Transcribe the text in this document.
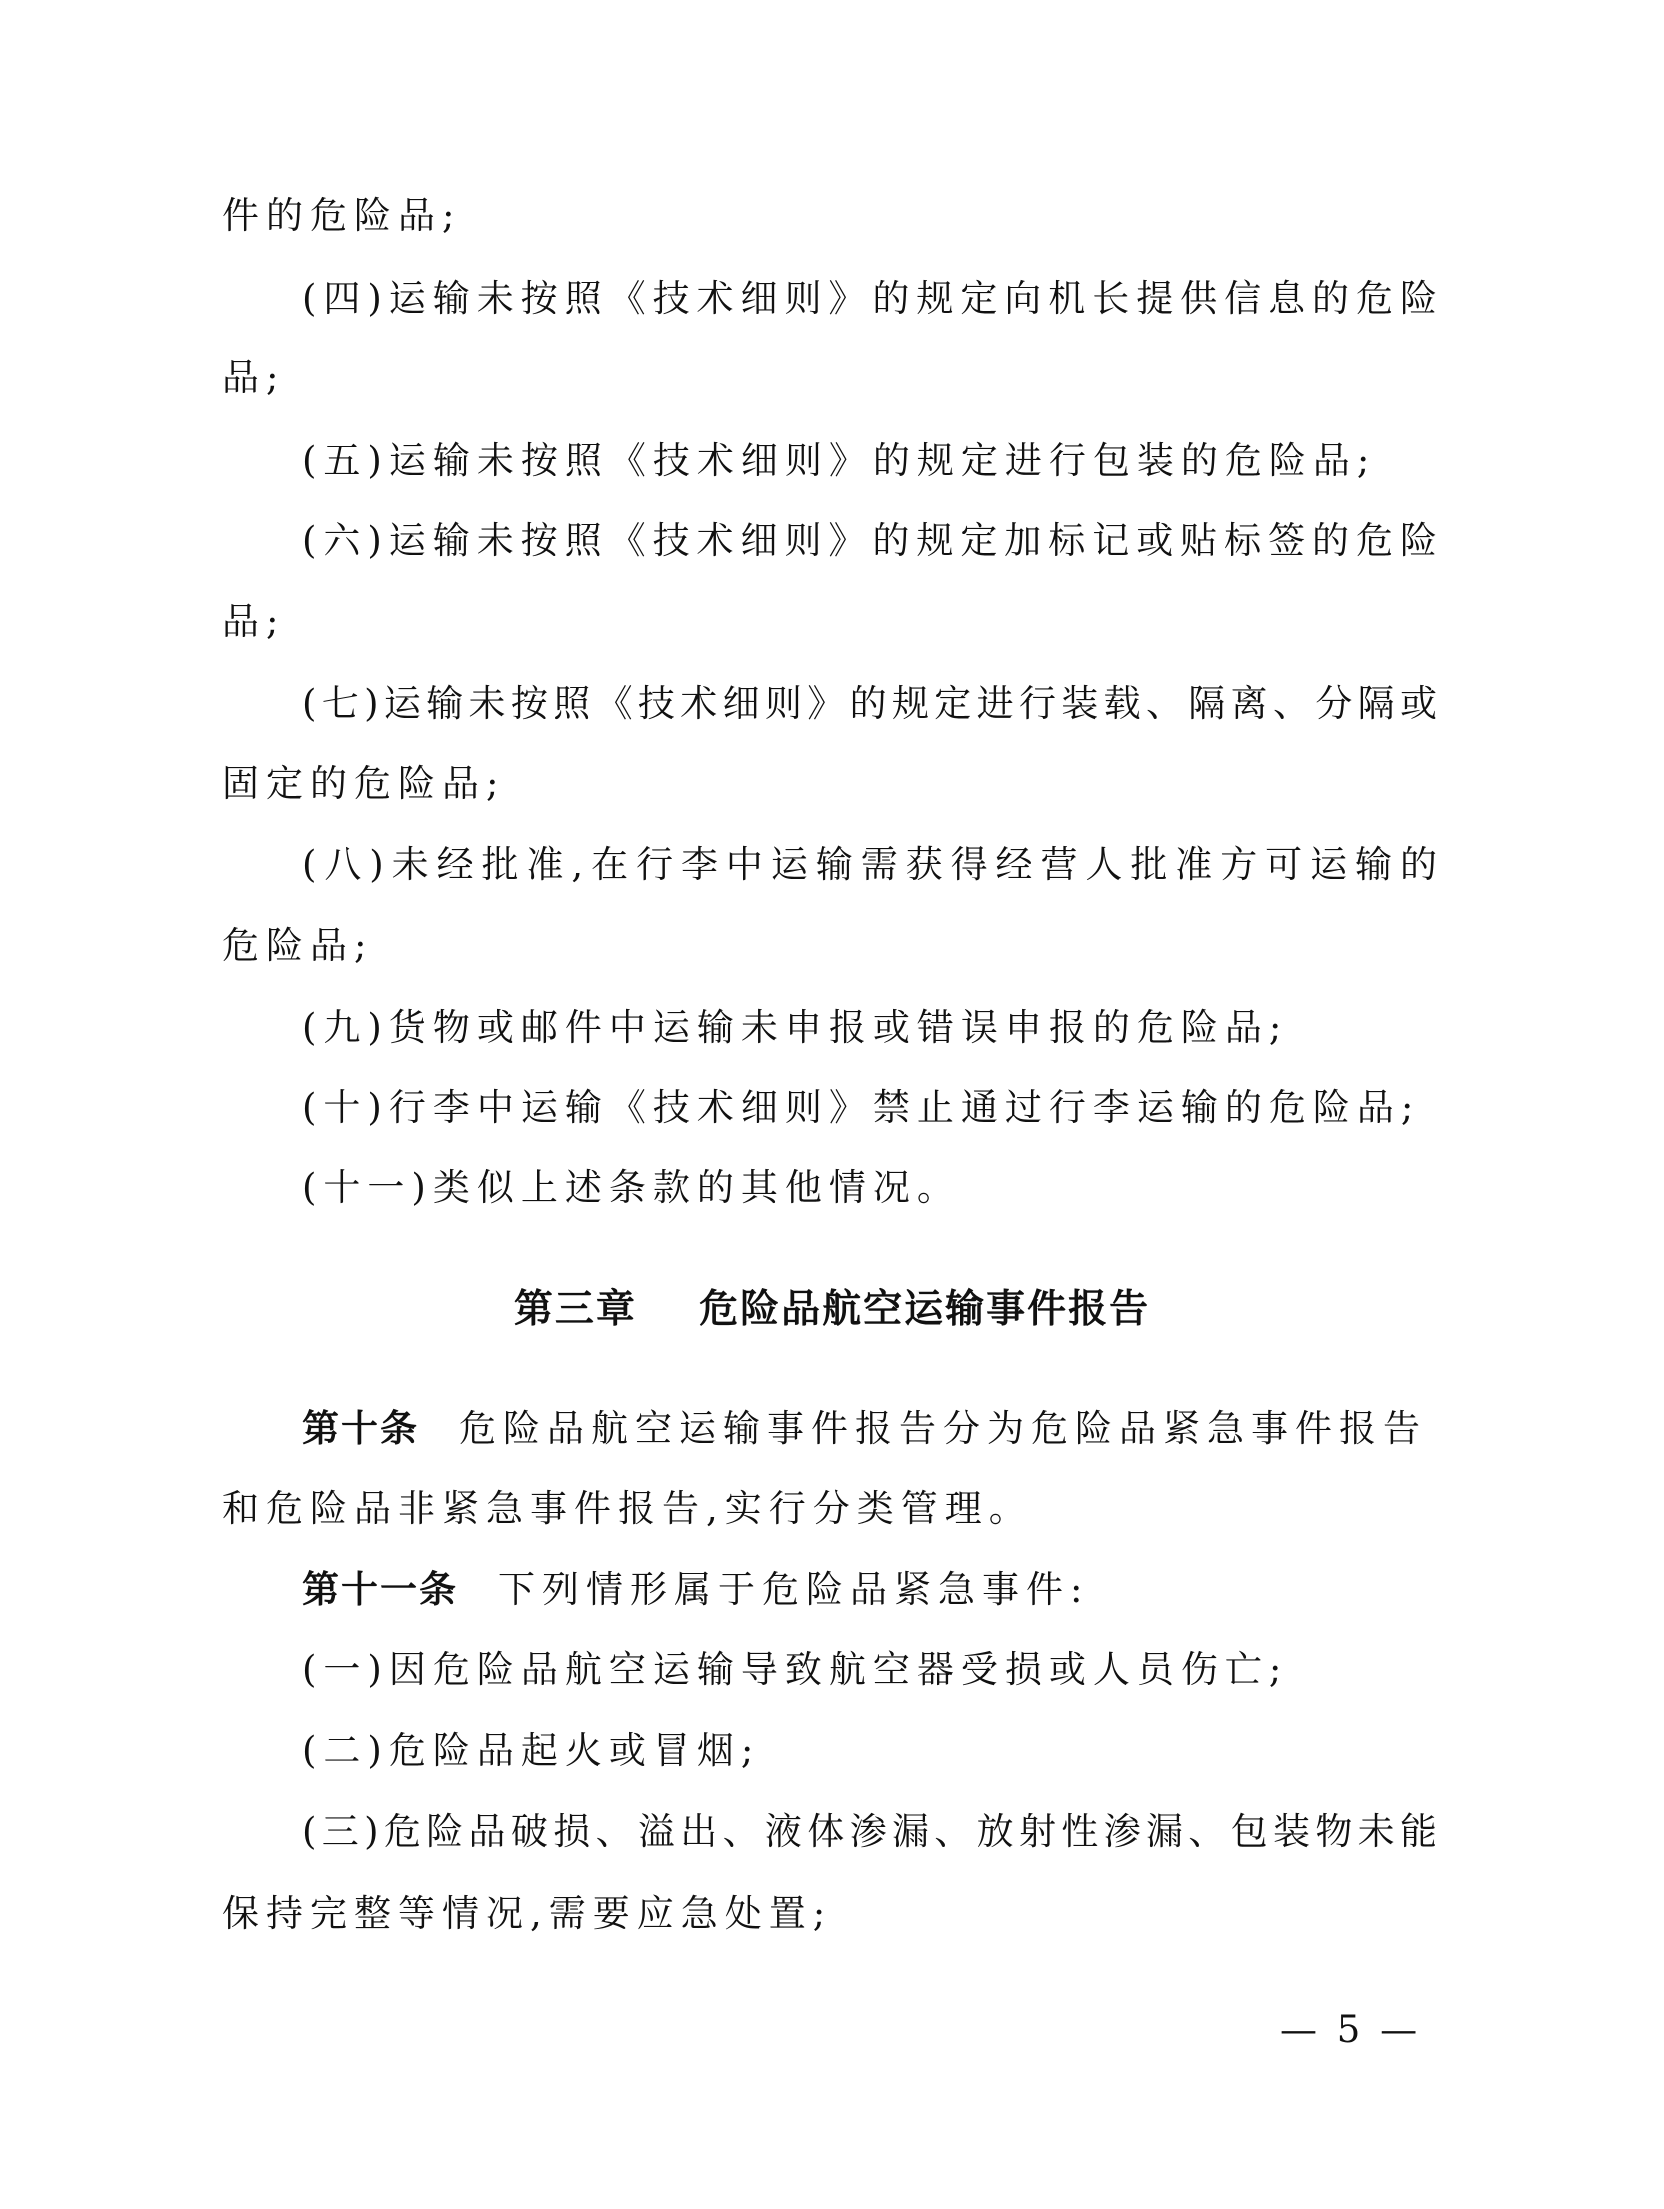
件的危险品;
(四)运输未按照《技术细则》的规定向机长提供信息的危险
品;
(五)运输未按照《技术细则》的规定进行包装的危险品;
(六)运输未按照《技术细则》的规定加标记或贴标签的危险
品;
(七)运输未按照《技术细则》的规定进行装载、隔离、分隔或
固定的危险品;
(八)未经批准,在行李中运输需获得经营人批准方可运输的
危险品;
(九)货物或邮件中运输未申报或错误申报的危险品;
(十)行李中运输《技术细则》禁止通过行李运输的危险品;
(十一)类似上述条款的其他情况。
第三章    危险品航空运输事件报告
第十条 危险品航空运输事件报告分为危险品紧急事件报告
和危险品非紧急事件报告,实行分类管理。
第十一条 下列情形属于危险品紧急事件:
(一)因危险品航空运输导致航空器受损或人员伤亡;
(二)危险品起火或冒烟;
(三)危险品破损、溢出、液体渗漏、放射性渗漏、包装物未能
保持完整等情况,需要应急处置;
— 5 —
